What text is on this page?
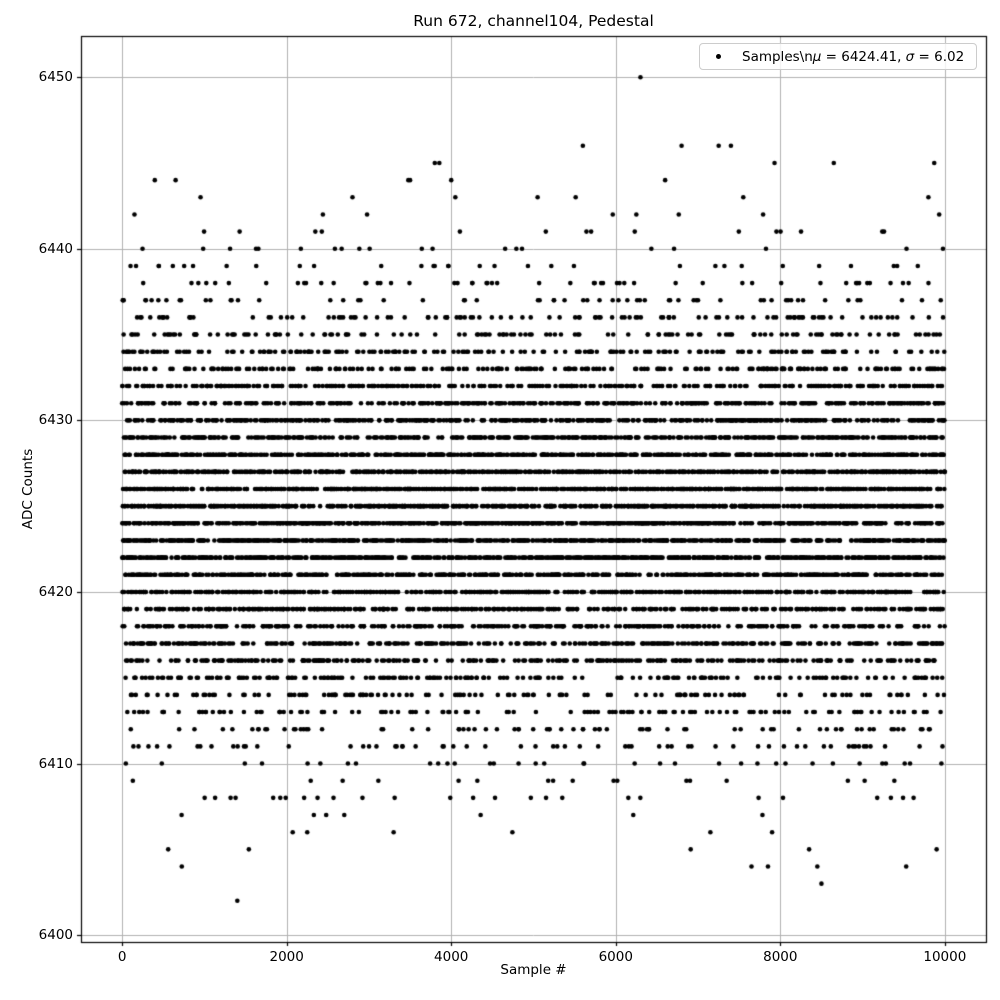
Run 672, channel104, Pedestal
Sample #
ADC Counts
6400
6410
6420
6430
6440
6450
0	2000	4000	6000	8000	10000
Samples\nμ = 6424.41, σ = 6.02
